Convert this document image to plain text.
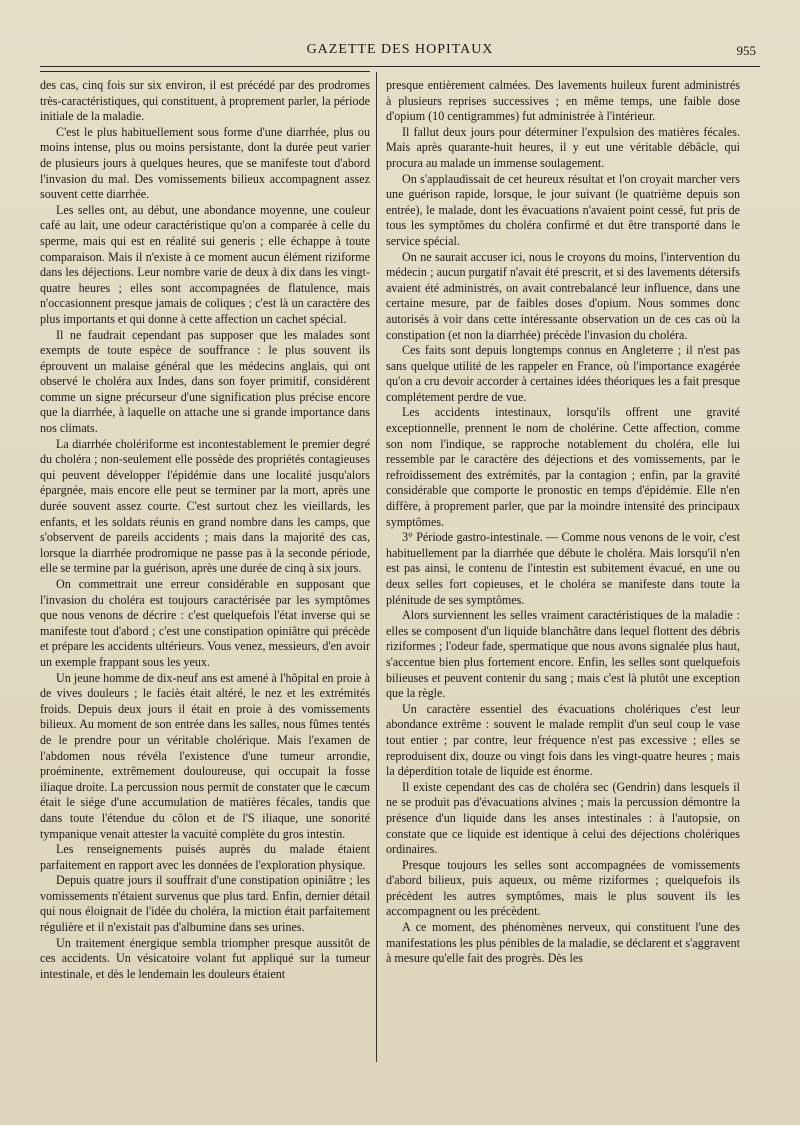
GAZETTE DES HOPITAUX	955

des cas, cinq fois sur six environ, il est précédé par des prodromes très-caractéristiques, qui constituent, à proprement parler, la période initiale de la maladie.

C'est le plus habituellement sous forme d'une diarrhée, plus ou moins intense, plus ou moins persistante, dont la durée peut varier de plusieurs jours à quelques heures, que se manifeste tout d'abord l'invasion du mal. Des vomissements bilieux accompagnent assez souvent cette diarrhée.

Les selles ont, au début, une abondance moyenne, une couleur café au lait, une odeur caractéristique qu'on a comparée à celle du sperme, mais qui est en réalité sui generis ; elle échappe à toute comparaison. Mais il n'existe à ce moment aucun élément riziforme dans les déjections. Leur nombre varie de deux à dix dans les vingt-quatre heures ; elles sont accompagnées de flatulence, mais n'occasionnent presque jamais de coliques ; c'est là un caractère des plus importants et qui donne à cette affection un cachet spécial.

Il ne faudrait cependant pas supposer que les malades sont exempts de toute espèce de souffrance : le plus souvent ils éprouvent un malaise général que les médecins anglais, qui ont observé le choléra aux Indes, dans son foyer primitif, considèrent comme un signe précurseur d'une signification plus précise encore que la diarrhée, à laquelle on attache une si grande importance dans nos climats.

La diarrhée cholériforme est incontestablement le premier degré du choléra ; non-seulement elle possède des propriétés contagieuses qui peuvent développer l'épidémie dans une localité jusqu'alors épargnée, mais encore elle peut se terminer par la mort, après une durée souvent assez courte. C'est surtout chez les vieillards, les enfants, et les soldats réunis en grand nombre dans les camps, que s'observent de pareils accidents ; mais dans la majorité des cas, lorsque la diarrhée prodromique ne passe pas à la seconde période, elle se termine par la guérison, après une durée de cinq à six jours.

On commettrait une erreur considérable en supposant que l'invasion du choléra est toujours caractérisée par les symptômes que nous venons de décrire : c'est quelquefois l'état inverse qui se manifeste tout d'abord ; c'est une constipation opiniâtre qui précède et prépare les accidents ultérieurs. Vous venez, messieurs, d'en avoir un exemple frappant sous les yeux.

Un jeune homme de dix-neuf ans est amené à l'hôpital en proie à de vives douleurs ; le faciès était altéré, le nez et les extrémités froids. Depuis deux jours il était en proie à des vomissements bilieux. Au moment de son entrée dans les salles, nous fûmes tentés de le prendre pour un véritable cholérique. Mais l'examen de l'abdomen nous révéla l'existence d'une tumeur arrondie, proéminente, extrêmement douloureuse, qui occupait la fosse iliaque droite. La percussion nous permit de constater que le cæcum était le siége d'une accumulation de matières fécales, tandis que dans toute l'étendue du côlon et de l'S iliaque, une sonorité tympanique venait attester la vacuité complète du gros intestin.

Les renseignements puisés auprès du malade étaient parfaitement en rapport avec les données de l'exploration physique.

Depuis quatre jours il souffrait d'une constipation opiniâtre ; les vomissements n'étaient survenus que plus tard. Enfin, dernier détail qui nous éloignait de l'idée du choléra, la miction était parfaitement régulière et il n'existait pas d'albumine dans ses urines.

Un traitement énergique sembla triompher presque aussitôt de ces accidents. Un vésicatoire volant fut appliqué sur la tumeur intestinale, et dès le lendemain les douleurs étaient

presque entièrement calmées. Des lavements huileux furent administrés à plusieurs reprises successives ; en même temps, une faible dose d'opium (10 centigrammes) fut administrée à l'intérieur.

Il fallut deux jours pour déterminer l'expulsion des matières fécales. Mais après quarante-huit heures, il y eut une véritable débâcle, qui procura au malade un immense soulagement.

On s'applaudissait de cet heureux résultat et l'on croyait marcher vers une guérison rapide, lorsque, le jour suivant (le quatrième depuis son entrée), le malade, dont les évacuations n'avaient point cessé, fut pris de tous les symptômes du choléra confirmé et dut être transporté dans le service spécial.

On ne saurait accuser ici, nous le croyons du moins, l'intervention du médecin ; aucun purgatif n'avait été prescrit, et si des lavements détersifs avaient été administrés, on avait contrebalancé leur influence, dans une certaine mesure, par de faibles doses d'opium. Nous sommes donc autorisés à voir dans cette intéressante observation un de ces cas où la constipation (et non la diarrhée) précède l'invasion du choléra.

Ces faits sont depuis longtemps connus en Angleterre ; il n'est pas sans quelque utilité de les rappeler en France, où l'importance exagérée qu'on a cru devoir accorder à certaines idées théoriques les a fait presque complétement perdre de vue.

Les accidents intestinaux, lorsqu'ils offrent une gravité exceptionnelle, prennent le nom de cholérine. Cette affection, comme son nom l'indique, se rapproche notablement du choléra, elle lui ressemble par le caractère des déjections et des vomissements, par le refroidissement des extrémités, par la contagion ; enfin, par la gravité considérable que comporte le pronostic en temps d'épidémie. Elle n'en diffère, à proprement parler, que par la moindre intensité des principaux symptômes.

3° Période gastro-intestinale. — Comme nous venons de le voir, c'est habituellement par la diarrhée que débute le choléra. Mais lorsqu'il n'en est pas ainsi, le contenu de l'intestin est subitement évacué, en une ou deux selles fort copieuses, et le choléra se manifeste dans toute la plénitude de ses symptômes.

Alors surviennent les selles vraiment caractéristiques de la maladie : elles se composent d'un liquide blanchâtre dans lequel flottent des débris riziformes ; l'odeur fade, spermatique que nous avons signalée plus haut, s'accentue bien plus fortement encore. Enfin, les selles sont quelquefois bilieuses et peuvent contenir du sang ; mais c'est là plutôt une exception que la règle.

Un caractère essentiel des évacuations cholériques c'est leur abondance extrême : souvent le malade remplit d'un seul coup le vase tout entier ; par contre, leur fréquence n'est pas excessive ; elles se reproduisent dix, douze ou vingt fois dans les vingt-quatre heures ; mais la déperdition totale de liquide est énorme.

Il existe cependant des cas de choléra sec (Gendrin) dans lesquels il ne se produit pas d'évacuations alvines ; mais la percussion démontre la présence d'un liquide dans les anses intestinales : à l'autopsie, on constate que ce liquide est identique à celui des déjections cholériques ordinaires.

Presque toujours les selles sont accompagnées de vomissements d'abord bilieux, puis aqueux, ou même riziformes ; quelquefois ils précèdent les autres symptômes, mais le plus souvent ils les accompagnent ou les précèdent.

A ce moment, des phénomènes nerveux, qui constituent l'une des manifestations les plus pénibles de la maladie, se déclarent et s'aggravent à mesure qu'elle fait des progrès. Dès les
